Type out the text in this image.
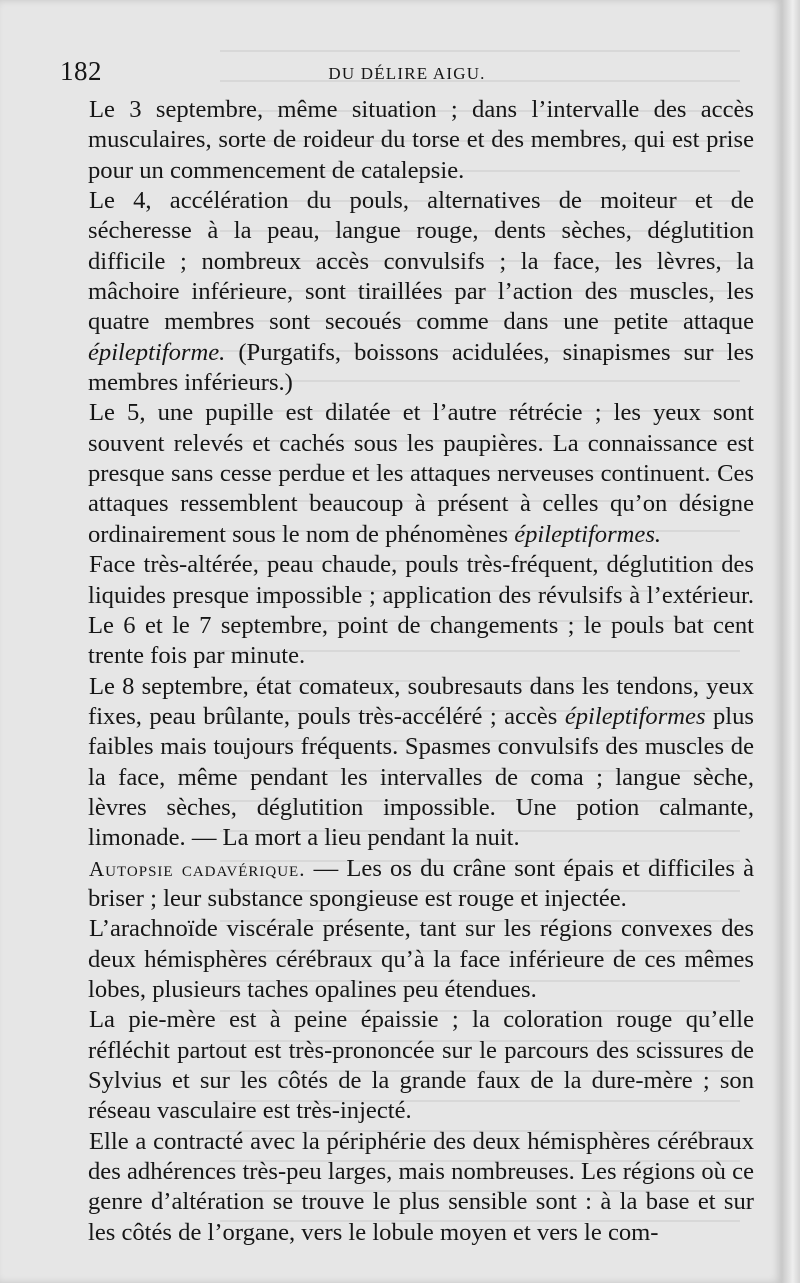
182	DU DÉLIRE AIGU.

Le 3 septembre, même situation ; dans l’intervalle des accès musculaires, sorte de roideur du torse et des membres, qui est prise pour un commencement de catalepsie.

Le 4, accélération du pouls, alternatives de moiteur et de sécheresse à la peau, langue rouge, dents sèches, déglutition difficile ; nombreux accès convulsifs ; la face, les lèvres, la mâchoire inférieure, sont tiraillées par l’action des muscles, les quatre membres sont secoués comme dans une petite attaque épileptiforme. (Purgatifs, boissons acidulées, sinapismes sur les membres inférieurs.)

Le 5, une pupille est dilatée et l’autre rétrécie ; les yeux sont souvent relevés et cachés sous les paupières. La connaissance est presque sans cesse perdue et les attaques nerveuses continuent. Ces attaques ressemblent beaucoup à présent à celles qu’on désigne ordinairement sous le nom de phénomènes épileptiformes.

Face très-altérée, peau chaude, pouls très-fréquent, déglutition des liquides presque impossible ; application des révulsifs à l’extérieur. Le 6 et le 7 septembre, point de changements ; le pouls bat cent trente fois par minute.

Le 8 septembre, état comateux, soubresauts dans les tendons, yeux fixes, peau brûlante, pouls très-accéléré ; accès épileptiformes plus faibles mais toujours fréquents. Spasmes convulsifs des muscles de la face, même pendant les intervalles de coma ; langue sèche, lèvres sèches, déglutition impossible. Une potion calmante, limonade. — La mort a lieu pendant la nuit.

Autopsie cadavérique. — Les os du crâne sont épais et difficiles à briser ; leur substance spongieuse est rouge et injectée.

L’arachnoïde viscérale présente, tant sur les régions convexes des deux hémisphères cérébraux qu’à la face inférieure de ces mêmes lobes, plusieurs taches opalines peu étendues.

La pie-mère est à peine épaissie ; la coloration rouge qu’elle réfléchit partout est très-prononcée sur le parcours des scissures de Sylvius et sur les côtés de la grande faux de la dure-mère ; son réseau vasculaire est très-injecté.

Elle a contracté avec la périphérie des deux hémisphères cérébraux des adhérences très-peu larges, mais nombreuses. Les régions où ce genre d’altération se trouve le plus sensible sont : à la base et sur les côtés de l’organe, vers le lobule moyen et vers le com-
